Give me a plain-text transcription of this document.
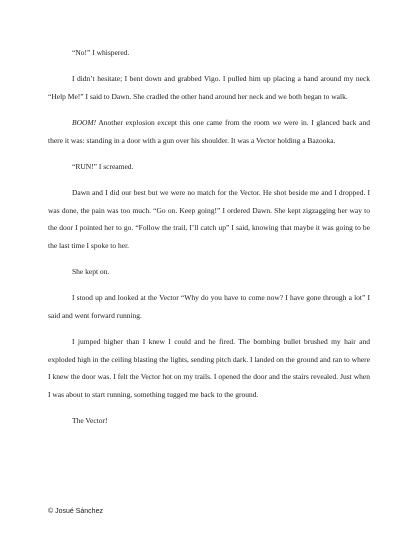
“No!” I whispered.

I didn’t hesitate; I bent down and grabbed Vigo. I pulled him up placing a hand around my neck “Help Me!” I said to Dawn. She cradled the other hand around her neck and we both began to walk.

BOOM! Another explosion except this one came from the room we were in. I glanced back and there it was: standing in a door with a gun over his shoulder. It was a Vector holding a Bazooka.

“RUN!” I screamed.

Dawn and I did our best but we were no match for the Vector. He shot beside me and I dropped. I was done, the pain was too much. “Go on. Keep going!” I ordered Dawn. She kept zigzagging her way to the door I pointed her to go. “Follow the trail, I’ll catch up” I said, knowing that maybe it was going to be the last time I spoke to her.

She kept on.

I stood up and looked at the Vector “Why do you have to come now? I have gone through a lot” I said and went forward running.

I jumped higher than I knew I could and he fired. The bombing bullet brushed my hair and exploded high in the ceiling blasting the lights, sending pitch dark. I landed on the ground and ran to where I knew the door was. I felt the Vector hot on my trails. I opened the door and the stairs revealed. Just when I was about to start running, something tugged me back to the ground.

The Vector!

© Josué Sánchez
